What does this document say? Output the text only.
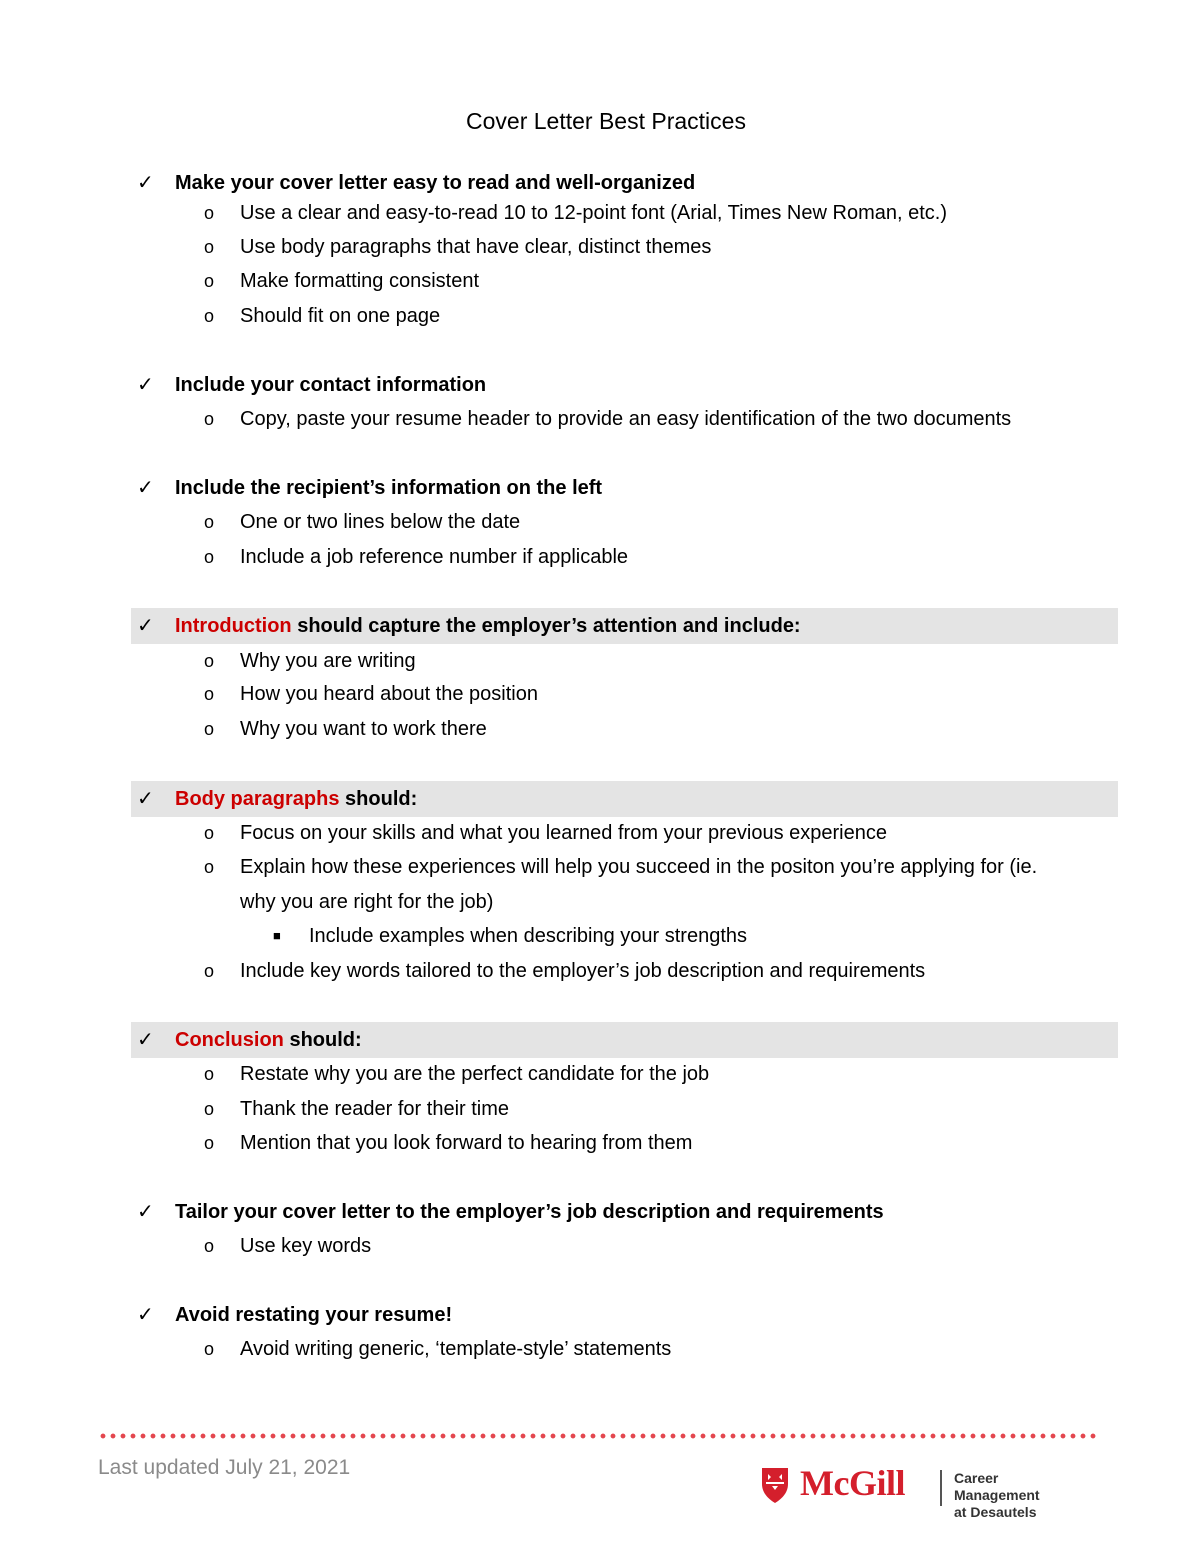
Cover Letter Best Practices
✓ Make your cover letter easy to read and well-organized
o Use a clear and easy-to-read 10 to 12-point font (Arial, Times New Roman, etc.)
o Use body paragraphs that have clear, distinct themes
o Make formatting consistent
o Should fit on one page
✓ Include your contact information
o Copy, paste your resume header to provide an easy identification of the two documents
✓ Include the recipient’s information on the left
o One or two lines below the date
o Include a job reference number if applicable
✓ Introduction should capture the employer’s attention and include:
o Why you are writing
o How you heard about the position
o Why you want to work there
✓ Body paragraphs should:
o Focus on your skills and what you learned from your previous experience
o Explain how these experiences will help you succeed in the positon you’re applying for (ie.
why you are right for the job)
■ Include examples when describing your strengths
o Include key words tailored to the employer’s job description and requirements
✓ Conclusion should:
o Restate why you are the perfect candidate for the job
o Thank the reader for their time
o Mention that you look forward to hearing from them
✓ Tailor your cover letter to the employer’s job description and requirements
o Use key words
✓ Avoid restating your resume!
o Avoid writing generic, ‘template-style’ statements
Last updated July 21, 2021	McGill	Career Management
at Desautels
